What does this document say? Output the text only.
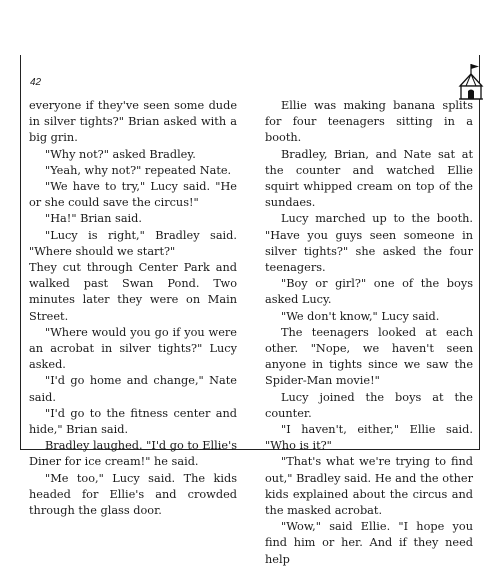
42

everyone if they've seen some dude in silver tights?" Brian asked with a big grin.

"Why not?" asked Bradley.

"Yeah, why not?" repeated Nate.

"We have to try," Lucy said. "He or she could save the circus!"

"Ha!" Brian said.

"Lucy is right," Bradley said. "Where should we start?"

They cut through Center Park and walked past Swan Pond. Two minutes later they were on Main Street.

"Where would you go if you were an acrobat in silver tights?" Lucy asked.

"I'd go home and change," Nate said.

"I'd go to the fitness center and hide," Brian said.

Bradley laughed. "I'd go to Ellie's Diner for ice cream!" he said.

"Me too," Lucy said. The kids headed for Ellie's and crowded through the glass door.

Ellie was making banana splits for four teenagers sitting in a booth.

Bradley, Brian, and Nate sat at the counter and watched Ellie squirt whipped cream on top of the sundaes.

Lucy marched up to the booth. "Have you guys seen someone in silver tights?" she asked the four teenagers.

"Boy or girl?" one of the boys asked Lucy.

"We don't know," Lucy said.

The teenagers looked at each other. "Nope, we haven't seen anyone in tights since we saw the Spider-Man movie!"

Lucy joined the boys at the counter.

"I haven't, either," Ellie said. "Who is it?"

"That's what we're trying to find out," Bradley said. He and the other kids explained about the circus and the masked acrobat.

"Wow," said Ellie. "I hope you find him or her. And if they need help
